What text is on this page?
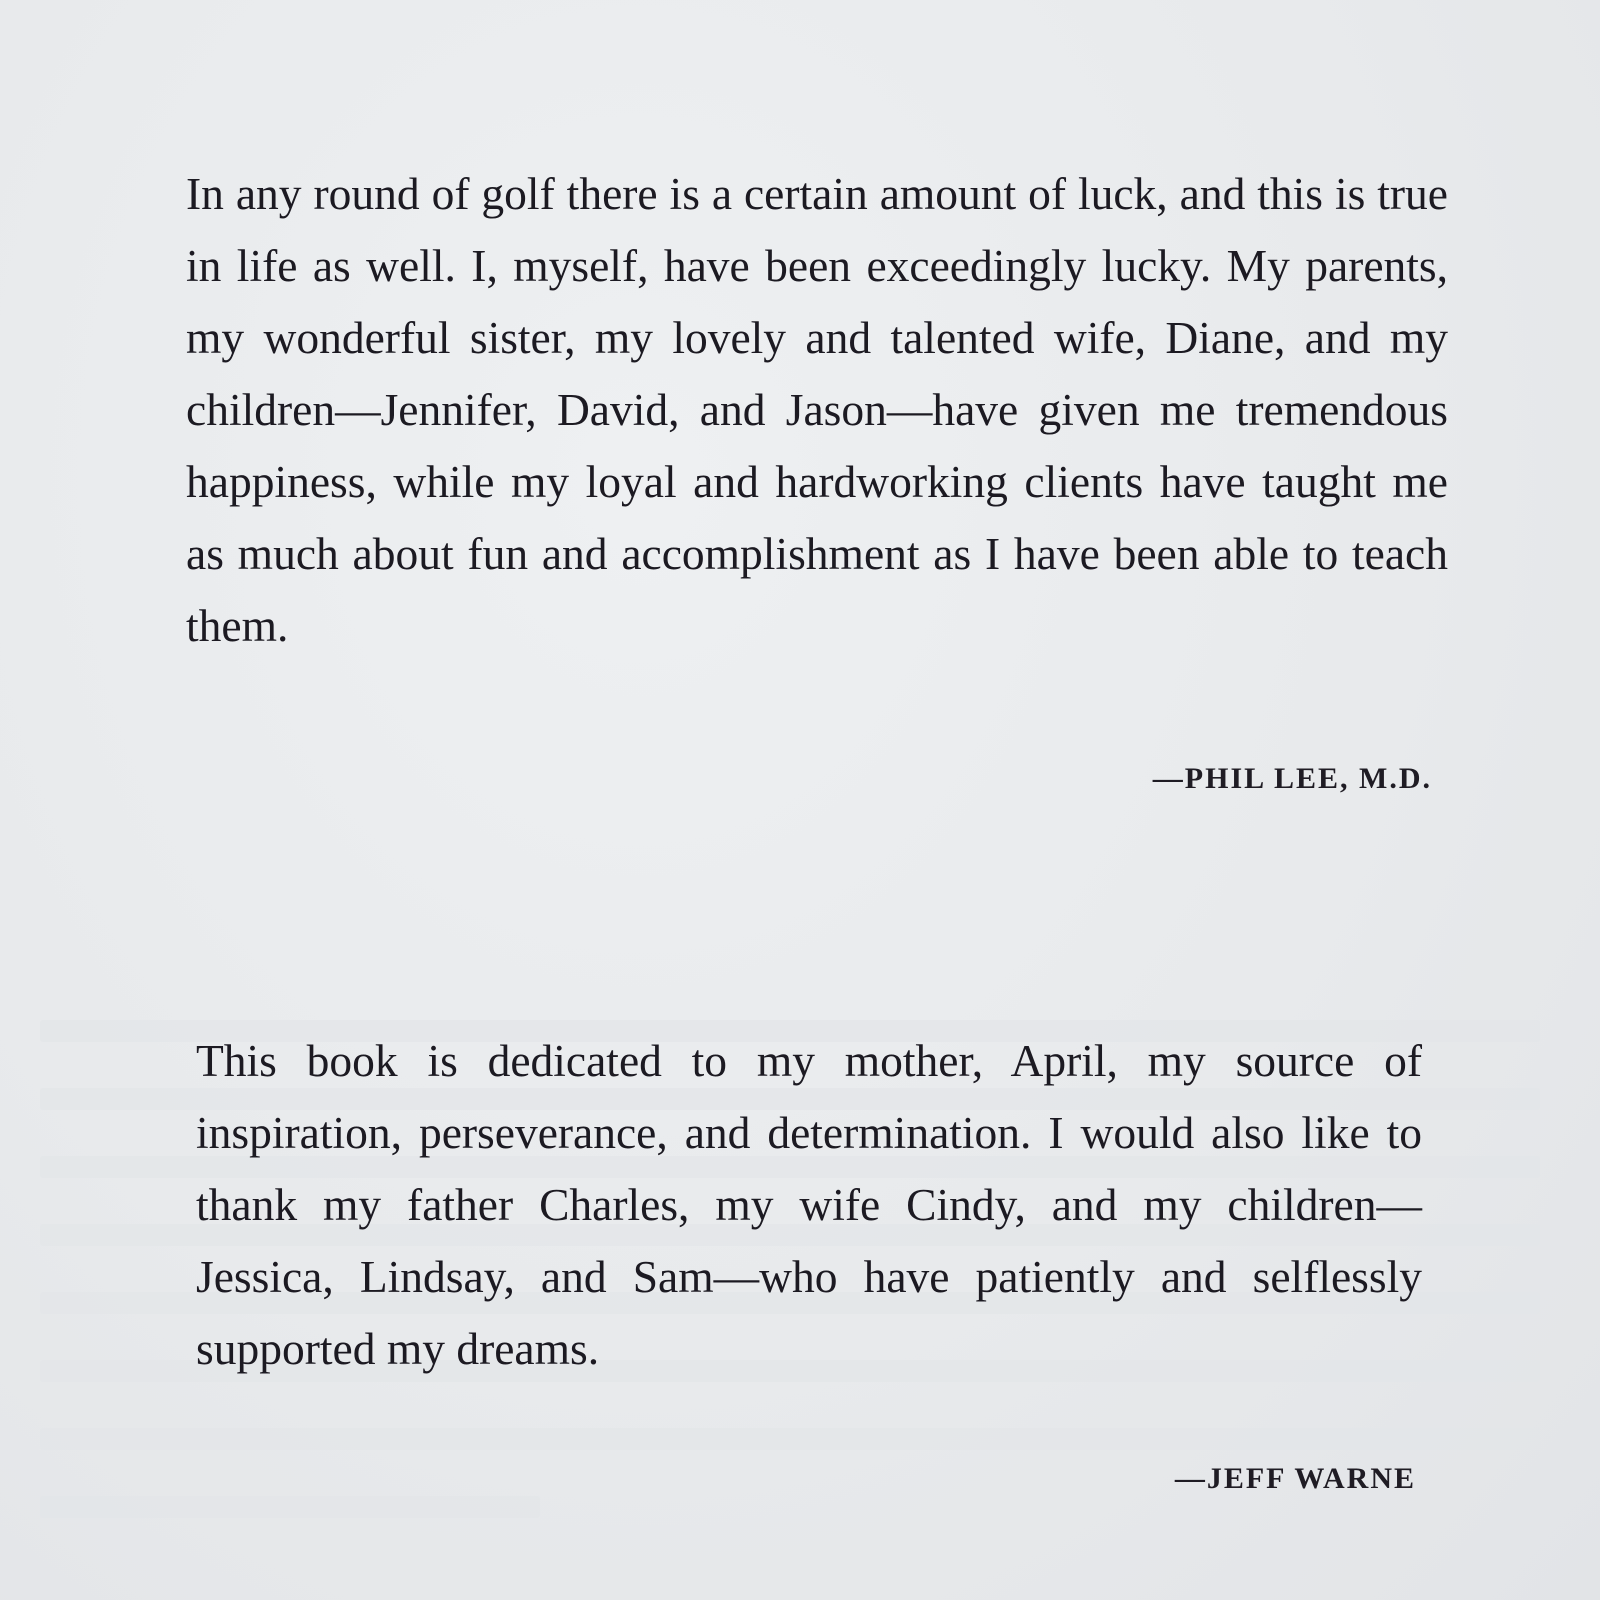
In any round of golf there is a certain amount of luck, and this is true in life as well. I, myself, have been exceedingly lucky. My parents, my wonderful sister, my lovely and talented wife, Diane, and my children—Jennifer, David, and Jason—have given me tremendous happiness, while my loyal and hardworking clients have taught me as much about fun and accomplishment as I have been able to teach them.

—PHIL LEE, M.D.

This book is dedicated to my mother, April, my source of inspiration, perseverance, and determination. I would also like to thank my father Charles, my wife Cindy, and my children—Jessica, Lindsay, and Sam—who have patiently and selflessly supported my dreams.

—JEFF WARNE
